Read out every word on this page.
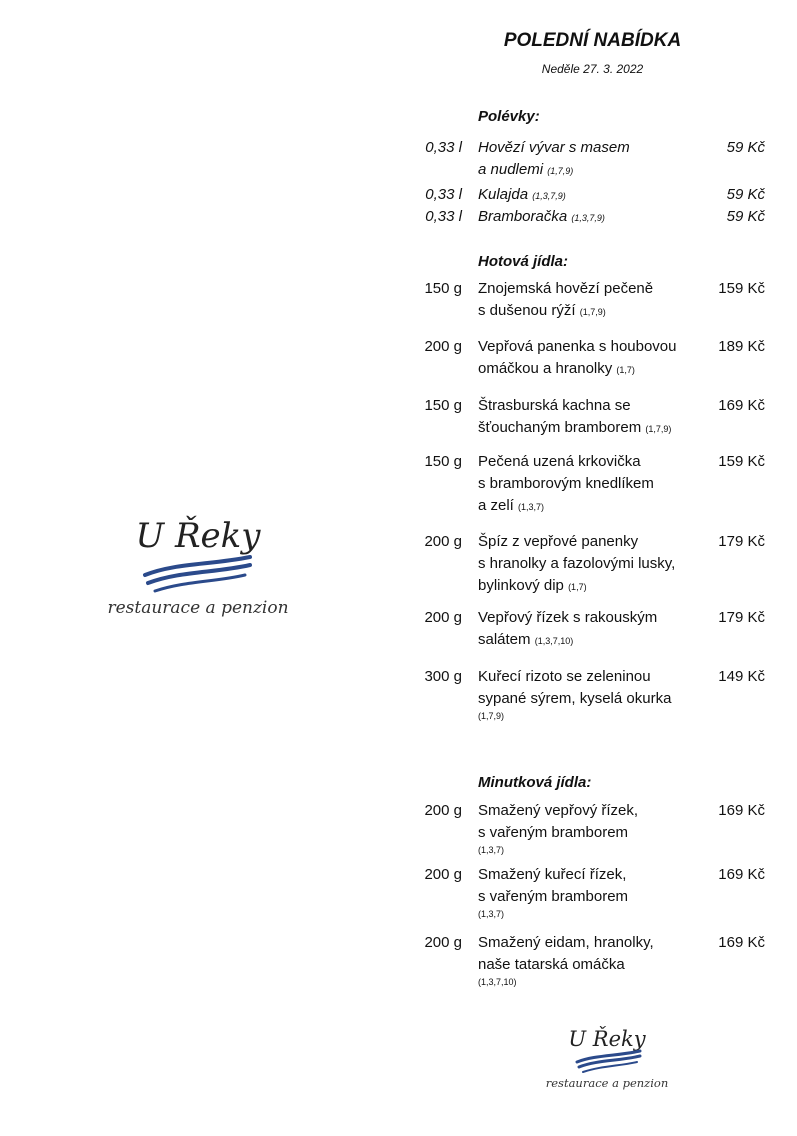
POLEDNÍ NABÍDKA
Neděle 27. 3. 2022
Polévky:
0,33 l Hovězí vývar s masem
a nudlemi (1,7,9)
59 Kč
0,33 l Kulajda (1,3,7,9)	59 Kč
0,33 l Bramboračka (1,3,7,9)	59 Kč
Hotová jídla:
150 g Znojemská hovězí pečeně
s dušenou rýží (1,7,9)
159 Kč
200 g Vepřová panenka s houbovou
omáčkou a hranolky (1,7)
189 Kč
150 g Štrasburská kachna se
šťouchaným bramborem (1,7,9)
169 Kč
150 g Pečená uzená krkovička
s bramborovým knedlíkem
a zelí (1,3,7)
159 Kč
200 g Špíz z vepřové panenky
s hranolky a fazolovými lusky,
bylinkový dip (1,7)
179 Kč
200 g Vepřový řízek s rakouským
salátem (1,3,7,10)
179 Kč
300 g Kuřecí rizoto se zeleninou
sypané sýrem, kyselá okurka
(1,7,9)
149 Kč
Minutková jídla:
200 g Smažený vepřový řízek,
s vařeným bramborem
(1,3,7)
169 Kč
200 g Smažený kuřecí řízek,
s vařeným bramborem
(1,3,7)
169 Kč
200 g Smažený eidam, hranolky,
naše tatarská omáčka
(1,3,7,10)
169 Kč
U Řeky
restaurace a penzion
U Řeky
restaurace a penzion
